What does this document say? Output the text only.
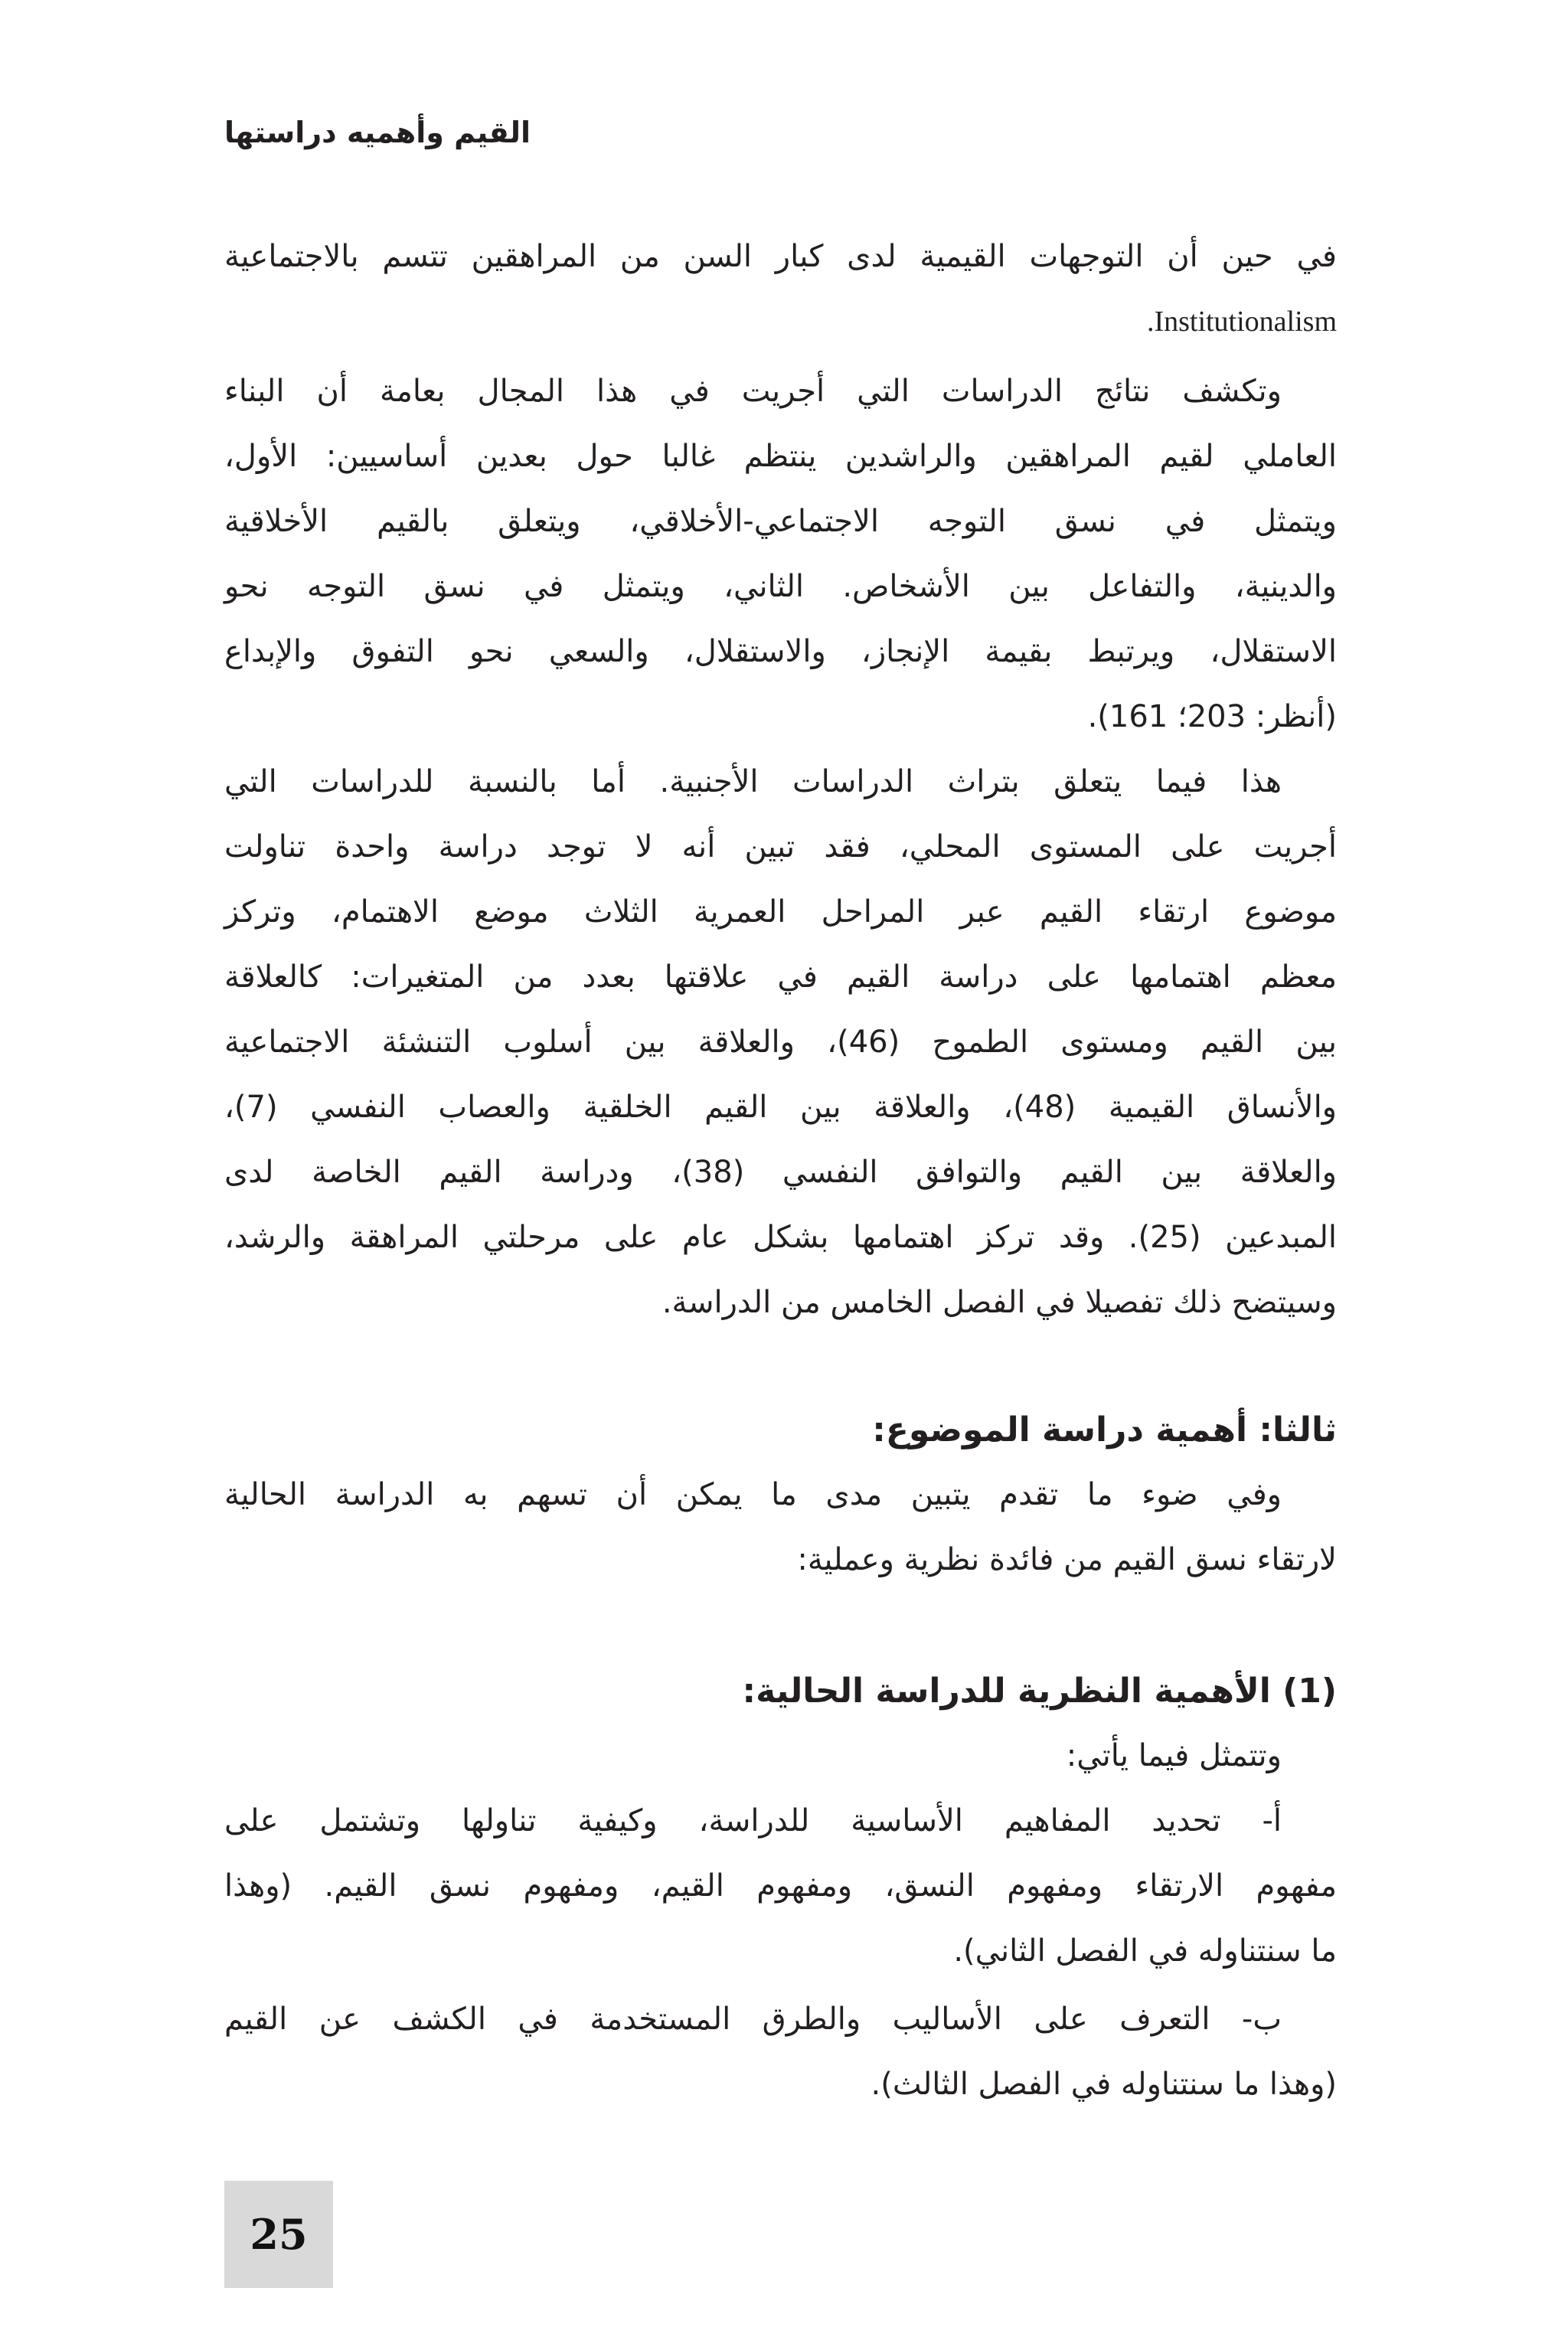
القيم وأهميه دراستها
في حين أن التوجهات القيمية لدى كبار السن من المراهقين تتسم بالاجتماعية
Institutionalism.
وتكشف نتائج الدراسات التي أجريت في هذا المجال بعامة أن البناء
العاملي لقيم المراهقين والراشدين ينتظم غالبا حول بعدين أساسيين: الأول،
ويتمثل في نسق التوجه الاجتماعي-الأخلاقي، ويتعلق بالقيم الأخلاقية
والدينية، والتفاعل بين الأشخاص. الثاني، ويتمثل في نسق التوجه نحو
الاستقلال، ويرتبط بقيمة الإنجاز، والاستقلال، والسعي نحو التفوق والإبداع
(أنظر: 203؛ 161).
هذا فيما يتعلق بتراث الدراسات الأجنبية. أما بالنسبة للدراسات التي
أجريت على المستوى المحلي، فقد تبين أنه لا توجد دراسة واحدة تناولت
موضوع ارتقاء القيم عبر المراحل العمرية الثلاث موضع الاهتمام، وتركز
معظم اهتمامها على دراسة القيم في علاقتها بعدد من المتغيرات: كالعلاقة
بين القيم ومستوى الطموح (46)، والعلاقة بين أسلوب التنشئة الاجتماعية
والأنساق القيمية (48)، والعلاقة بين القيم الخلقية والعصاب النفسي (7)،
والعلاقة بين القيم والتوافق النفسي (38)، ودراسة القيم الخاصة لدى
المبدعين (25). وقد تركز اهتمامها بشكل عام على مرحلتي المراهقة والرشد،
وسيتضح ذلك تفصيلا في الفصل الخامس من الدراسة.
ثالثا: أهمية دراسة الموضوع:
وفي ضوء ما تقدم يتبين مدى ما يمكن أن تسهم به الدراسة الحالية
لارتقاء نسق القيم من فائدة نظرية وعملية:
(1) الأهمية النظرية للدراسة الحالية:
وتتمثل فيما يأتي:
أ- تحديد المفاهيم الأساسية للدراسة، وكيفية تناولها وتشتمل على
مفهوم الارتقاء ومفهوم النسق، ومفهوم القيم، ومفهوم نسق القيم. (وهذا
ما سنتناوله في الفصل الثاني).
ب- التعرف على الأساليب والطرق المستخدمة في الكشف عن القيم
(وهذا ما سنتناوله في الفصل الثالث).
25
